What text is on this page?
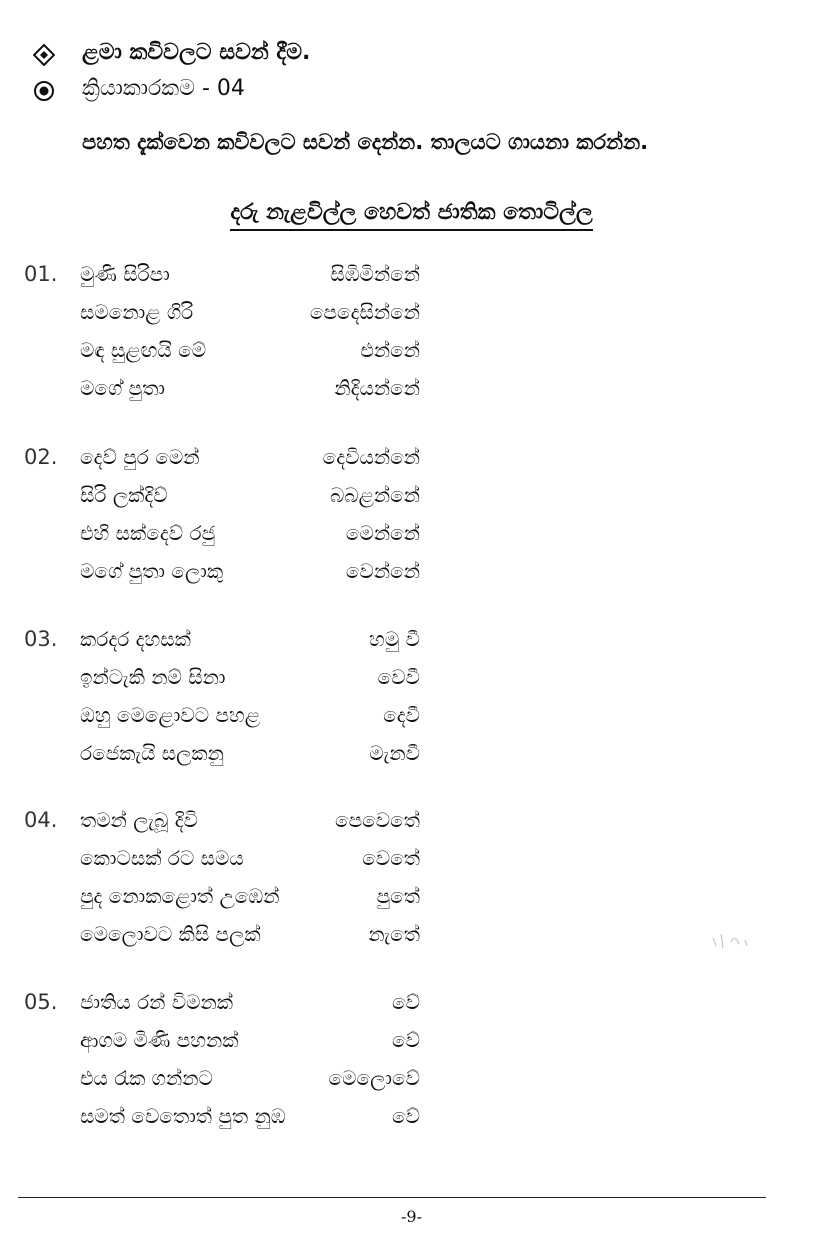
ළමා කවිවලට සවන් දීම.
ක්‍රියාකාරකම - 04
පහත දැක්වෙන කවිවලට සවන් දෙන්න. තාලයට ගායනා කරන්න.
දරු නැළවිල්ල හෙවත් ජාතික තොටිල්ල
01. මුණි සිරිපා	සිඹිමින්නේ
සමනොළ ගිරි	පෙදෙසින්නේ
මඳ සුළඟයි මේ	එන්නේ
මගේ පුතා	නිදියන්නේ
02. දෙව් පුර මෙන්	දෙවියන්නේ
සිරි ලක්දිව්	බබළන්නේ
එහි සක්දෙව් රජු	මෙන්නේ
මගේ පුතා ලොකු	වෙන්නේ
03. කරදර දහසක්	හමු වී
ඉන්ටැකි නම් සිනා	වෙවී
ඔහු මෙළොවට පහළ	දෙවී
රජෙකැයි සලකනු	මැනවී
04. තමන් ලැබූ දිවි	පෙවෙතේ
කොටසක් රට සමය	වෙතේ
පුද නොකළොත් උඹෙන්	පුතේ
මෙලොවට කිසි පලක්	නැතේ
05. ජාතිය රන් විමනක්	වේ
ආගම මිණි පහනක්	වේ
එය රැක ගන්නට	මෙලොවේ
සමත් වෙතොත් පුත නුඹ	වේ
-9-
